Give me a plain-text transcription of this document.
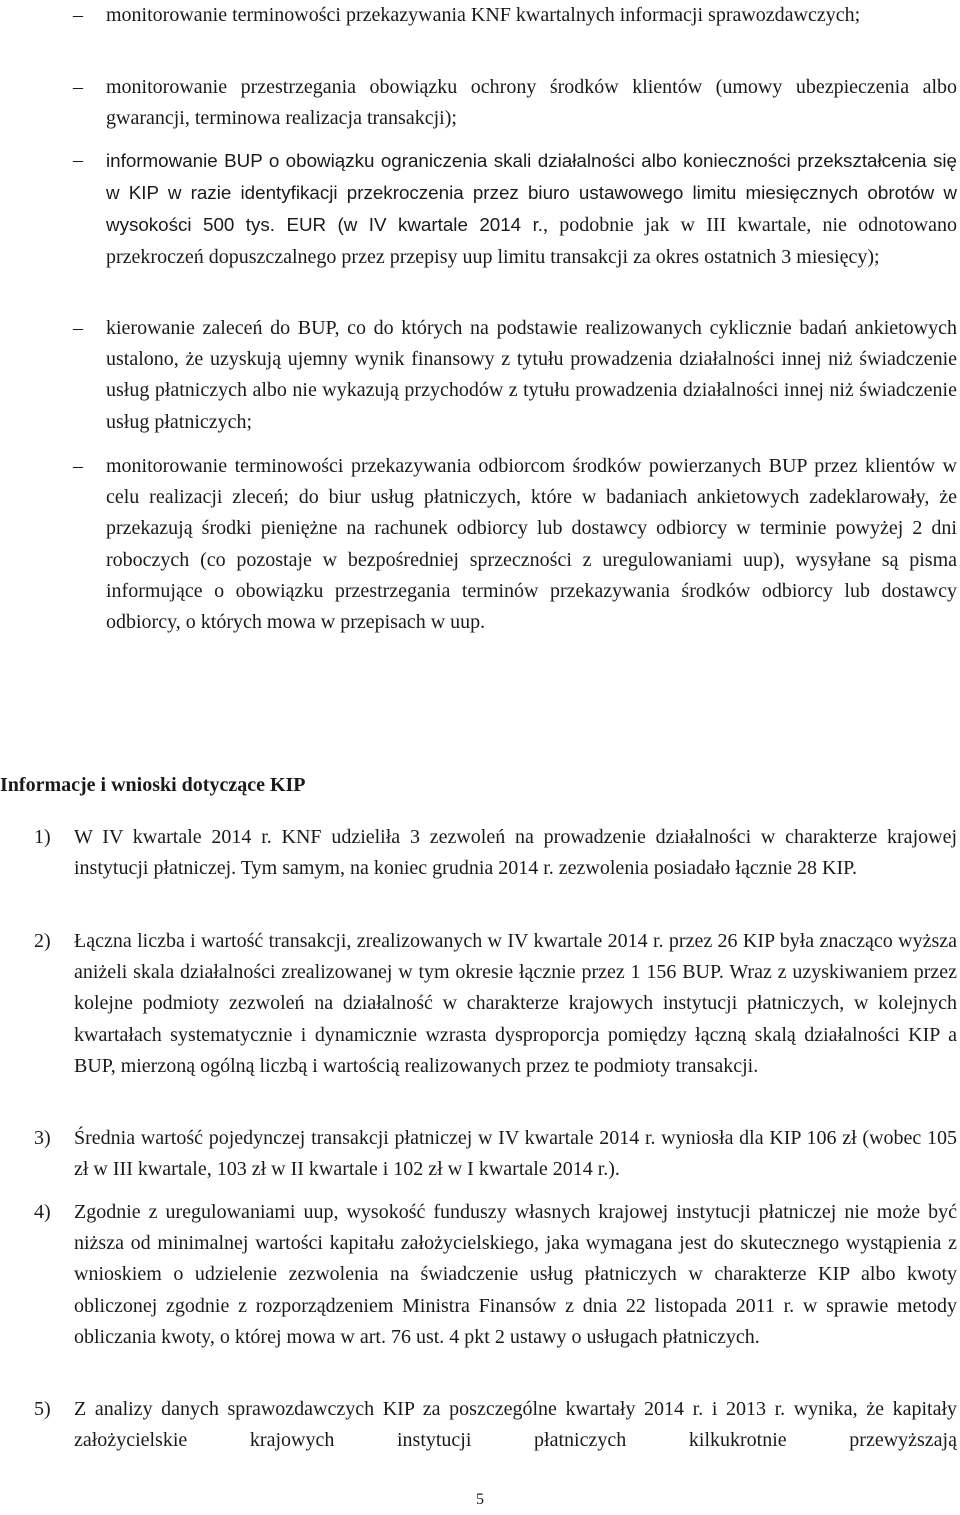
–	monitorowanie terminowości przekazywania KNF kwartalnych informacji sprawozdawczych;
–	monitorowanie przestrzegania obowiązku ochrony środków klientów (umowy ubezpieczenia albo gwarancji, terminowa realizacja transakcji);
–	informowanie BUP o obowiązku ograniczenia skali działalności albo konieczności przekształcenia się w KIP w razie identyfikacji przekroczenia przez biuro ustawowego limitu miesięcznych obrotów w wysokości 500 tys. EUR (w IV kwartale 2014 r., podobnie jak w III kwartale, nie odnotowano przekroczeń dopuszczalnego przez przepisy uup limitu transakcji za okres ostatnich 3 miesięcy);
–	kierowanie zaleceń do BUP, co do których na podstawie realizowanych cyklicznie badań ankietowych ustalono, że uzyskują ujemny wynik finansowy z tytułu prowadzenia działalności innej niż świadczenie usług płatniczych albo nie wykazują przychodów z tytułu prowadzenia działalności innej niż świadczenie usług płatniczych;
–	monitorowanie terminowości przekazywania odbiorcom środków powierzanych BUP przez klientów w celu realizacji zleceń; do biur usług płatniczych, które w badaniach ankietowych zadeklarowały, że przekazują środki pieniężne na rachunek odbiorcy lub dostawcy odbiorcy w terminie powyżej 2 dni roboczych (co pozostaje w bezpośredniej sprzeczności z uregulowaniami uup), wysyłane są pisma informujące o obowiązku przestrzegania terminów przekazywania środków odbiorcy lub dostawcy odbiorcy, o których mowa w przepisach w uup.
Informacje i wnioski dotyczące KIP
1)	W IV kwartale 2014 r. KNF udzieliła 3 zezwoleń na prowadzenie działalności w charakterze krajowej instytucji płatniczej. Tym samym, na koniec grudnia 2014 r. zezwolenia posiadało łącznie 28 KIP.
2)	Łączna liczba i wartość transakcji, zrealizowanych w IV kwartale 2014 r. przez 26 KIP była znacząco wyższa aniżeli skala działalności zrealizowanej w tym okresie łącznie przez 1 156 BUP. Wraz z uzyskiwaniem przez kolejne podmioty zezwoleń na działalność w charakterze krajowych instytucji płatniczych, w kolejnych kwartałach systematycznie i dynamicznie wzrasta dysproporcja pomiędzy łączną skalą działalności KIP a BUP, mierzoną ogólną liczbą i wartością realizowanych przez te podmioty transakcji.
3)	Średnia wartość pojedynczej transakcji płatniczej w IV kwartale 2014 r. wyniosła dla KIP 106 zł (wobec 105 zł w III kwartale, 103 zł w II kwartale i 102 zł w I kwartale 2014 r.).
4)	Zgodnie z uregulowaniami uup, wysokość funduszy własnych krajowej instytucji płatniczej nie może być niższa od minimalnej wartości kapitału założycielskiego, jaka wymagana jest do skutecznego wystąpienia z wnioskiem o udzielenie zezwolenia na świadczenie usług płatniczych w charakterze KIP albo kwoty obliczonej zgodnie z rozporządzeniem Ministra Finansów z dnia 22 listopada 2011 r. w sprawie metody obliczania kwoty, o której mowa w art. 76 ust. 4 pkt 2 ustawy o usługach płatniczych.
5)	Z analizy danych sprawozdawczych KIP za poszczególne kwartały 2014 r. i 2013 r. wynika, że kapitały założycielskie krajowych instytucji płatniczych kilkukrotnie przewyższają
5
